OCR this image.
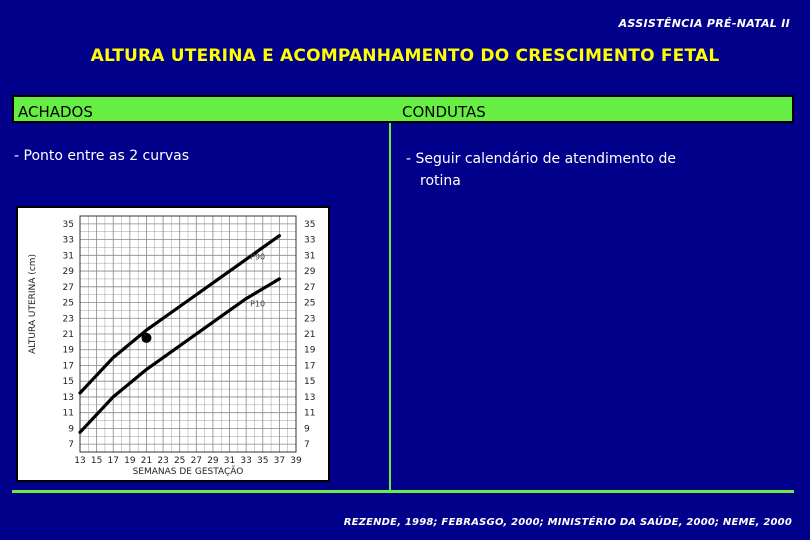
ASSISTÊNCIA PRÉ-NATAL II
ALTURA UTERINA E ACOMPANHAMENTO DO CRESCIMENTO FETAL
ACHADOS	CONDUTAS
- Ponto entre as 2 curvas	- Seguir calendário de atendimento de
rotina
35	35
33	33
31	31
29	29
27	27
25	25
23	23
21	21
19	19
17	17
15	15
13	13
11	11
9	9
7	7
13 15 17 19 21 23 25 27 29 31 33 35 37 39
SEMANAS DE GESTAÇÃO
ALTURA UTERINA (cm)	P90
P10
REZENDE, 1998; FEBRASGO, 2000; MINISTÉRIO DA SAÚDE, 2000; NEME, 2000
